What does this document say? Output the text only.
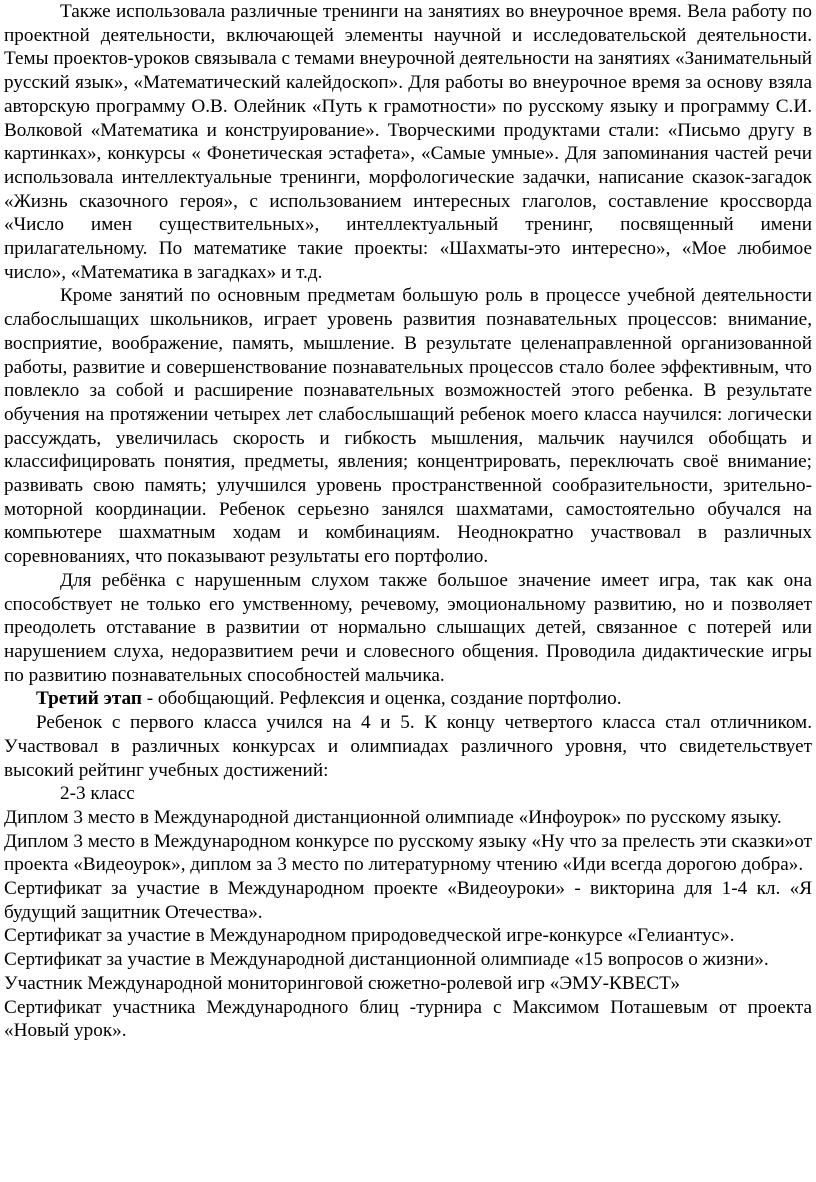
Также использовала различные тренинги на занятиях во внеурочное время. Вела работу по проектной деятельности, включающей элементы научной и исследовательской деятельности. Темы проектов-уроков связывала с темами внеурочной деятельности на занятиях «Занимательный русский язык», «Математический калейдоскоп». Для работы во внеурочное время за основу взяла авторскую программу О.В. Олейник «Путь к грамотности» по русскому языку и программу С.И. Волковой «Математика и конструирование». Творческими продуктами стали: «Письмо другу в картинках», конкурсы « Фонетическая эстафета», «Самые умные». Для запоминания частей речи использовала интеллектуальные тренинги, морфологические задачки, написание сказок-загадок «Жизнь сказочного героя», с использованием интересных глаголов, составление кроссворда «Число имен существительных», интеллектуальный тренинг, посвященный имени прилагательному. По математике такие проекты: «Шахматы-это интересно», «Мое любимое число», «Математика в загадках» и т.д.

Кроме занятий по основным предметам большую роль в процессе учебной деятельности слабослышащих школьников, играет уровень развития познавательных процессов: внимание, восприятие, воображение, память, мышление. В результате целенаправленной организованной работы, развитие и совершенствование познавательных процессов стало более эффективным, что повлекло за собой и расширение познавательных возможностей этого ребенка. В результате обучения на протяжении четырех лет слабослышащий ребенок моего класса научился: логически рассуждать, увеличилась скорость и гибкость мышления, мальчик научился обобщать и классифицировать понятия, предметы, явления; концентрировать, переключать своё внимание; развивать свою память; улучшился уровень пространственной сообразительности, зрительно-моторной координации. Ребенок серьезно занялся шахматами, самостоятельно обучался на компьютере шахматным ходам и комбинациям. Неоднократно участвовал в различных соревнованиях, что показывают результаты его портфолио.

Для ребёнка с нарушенным слухом также большое значение имеет игра, так как она способствует не только его умственному, речевому, эмоциональному развитию, но и позволяет преодолеть отставание в развитии от нормально слышащих детей, связанное с потерей или нарушением слуха, недоразвитием речи и словесного общения. Проводила дидактические игры по развитию познавательных способностей мальчика.

Третий этап - обобщающий. Рефлексия и оценка, создание портфолио.

Ребенок с первого класса учился на 4 и 5. К концу четвертого класса стал отличником. Участвовал в различных конкурсах и олимпиадах различного уровня, что свидетельствует высокий рейтинг учебных достижений:

2-3 класс

Диплом 3 место в Международной дистанционной олимпиаде «Инфоурок» по русскому языку.

Диплом 3 место в Международном конкурсе по русскому языку «Ну что за прелесть эти сказки»от проекта «Видеоурок», диплом за 3 место по литературному чтению «Иди всегда дорогою добра».

Сертификат за участие в Международном проекте «Видеоуроки» - викторина для 1-4 кл. «Я будущий защитник Отечества».

Сертификат за участие в Международном природоведческой игре-конкурсе «Гелиантус».

Сертификат за участие в Международной дистанционной олимпиаде «15 вопросов о жизни».

Участник Международной мониторинговой сюжетно-ролевой игр «ЭМУ-КВЕСТ»

Сертификат участника Международного блиц -турнира с Максимом Поташевым от проекта «Новый урок».
